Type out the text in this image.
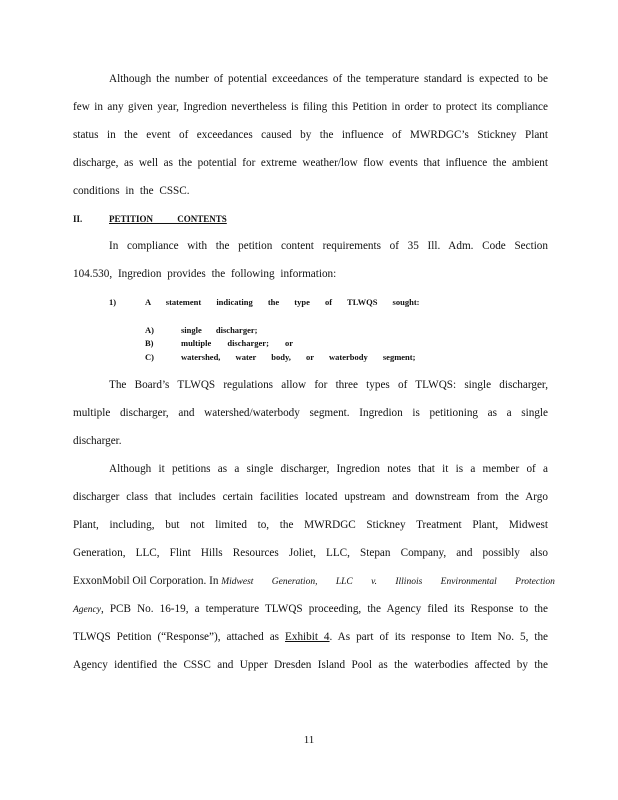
Although the number of potential exceedances of the temperature standard is expected to be
few in any given year, Ingredion nevertheless is filing this Petition in order to protect its compliance
status in the event of exceedances caused by the influence of MWRDGC’s Stickney Plant
discharge, as well as the potential for extreme weather/low flow events that influence the ambient
conditions in the CSSC.
II.	PETITION CONTENTS
In compliance with the petition content requirements of 35 Ill. Adm. Code Section
104.530, Ingredion provides the following information:
1)	A statement indicating the type of TLWQS sought:
A)	single discharger;
B)	multiple discharger; or
C)	watershed, water body, or waterbody segment;
The Board’s TLWQS regulations allow for three types of TLWQS: single discharger,
multiple discharger, and watershed/waterbody segment. Ingredion is petitioning as a single
discharger.
Although it petitions as a single discharger, Ingredion notes that it is a member of a
discharger class that includes certain facilities located upstream and downstream from the Argo
Plant, including, but not limited to, the MWRDGC Stickney Treatment Plant, Midwest
Generation, LLC, Flint Hills Resources Joliet, LLC, Stepan Company, and possibly also
ExxonMobil Oil Corporation. In Midwest Generation, LLC v. Illinois Environmental Protection
Agency, PCB No. 16-19, a temperature TLWQS proceeding, the Agency filed its Response to the
TLWQS Petition (“Response”), attached as Exhibit 4. As part of its response to Item No. 5, the
Agency identified the CSSC and Upper Dresden Island Pool as the waterbodies affected by the
11
